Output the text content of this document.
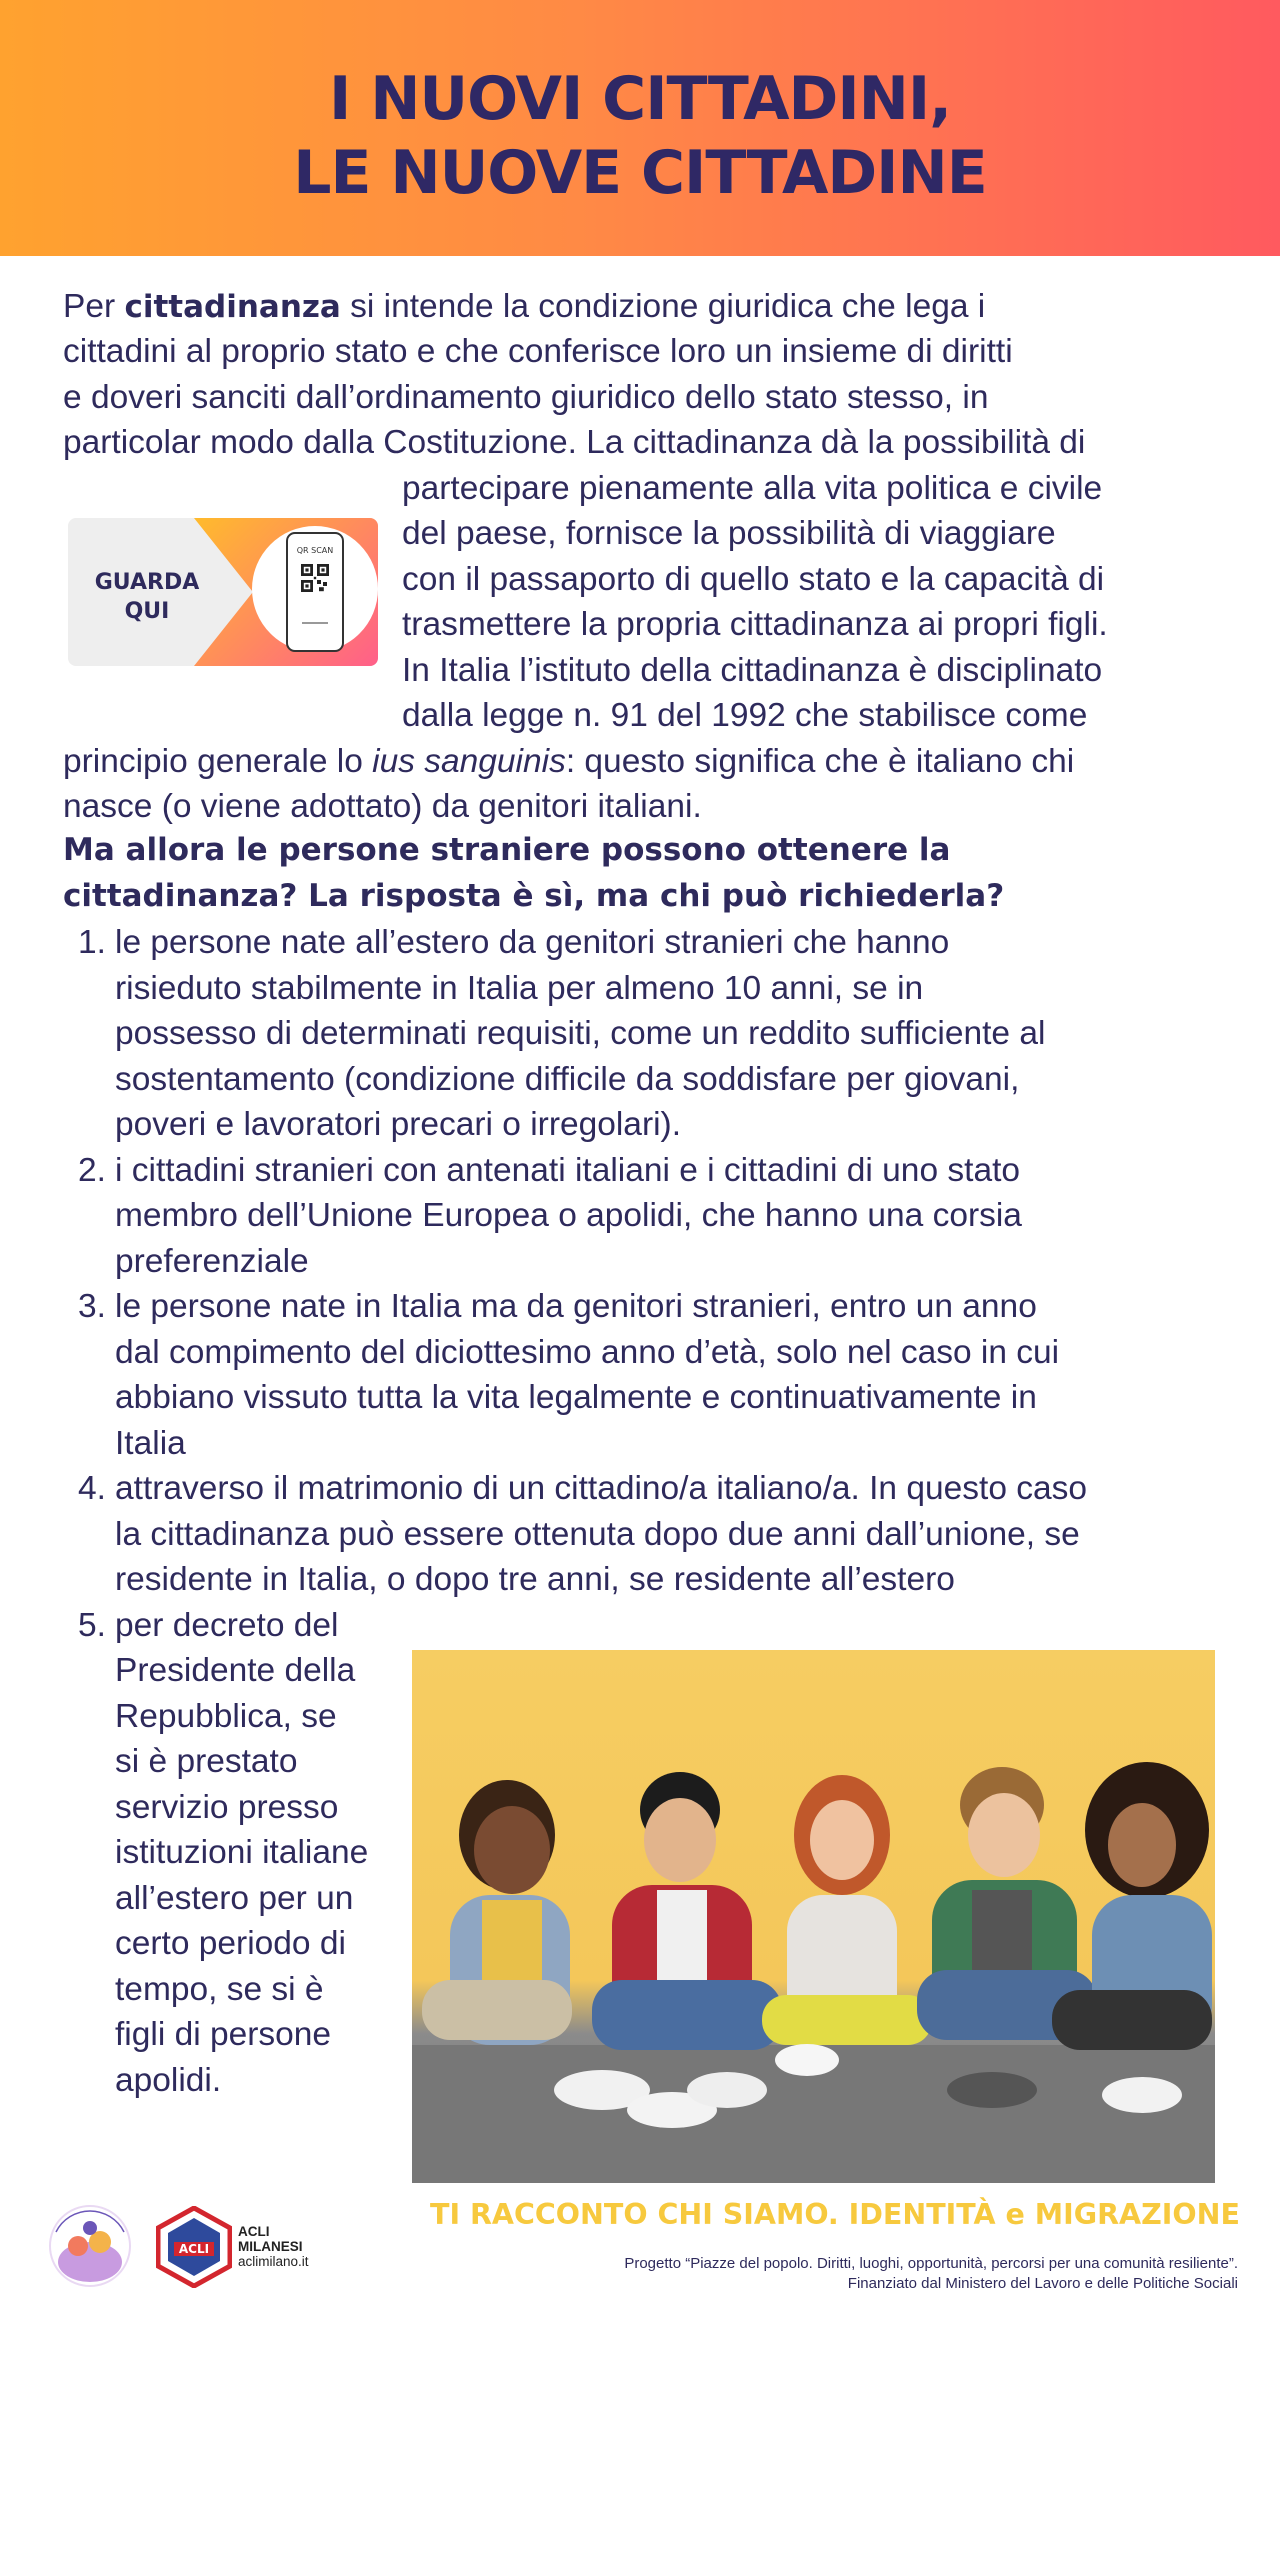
I NUOVI CITTADINI,
LE NUOVE CITTADINE
Per cittadinanza si intende la condizione giuridica che lega i
cittadini al proprio stato e che conferisce loro un insieme di diritti
e doveri sanciti dall’ordinamento giuridico dello stato stesso, in
particolar modo dalla Costituzione. La cittadinanza dà la possibilità di
partecipare pienamente alla vita politica e civile
del paese, fornisce la possibilità di viaggiare
con il passaporto di quello stato e la capacità di
trasmettere la propria cittadinanza ai propri figli.
In Italia l’istituto della cittadinanza è disciplinato
dalla legge n. 91 del 1992 che stabilisce come
principio generale lo ius sanguinis: questo significa che è italiano chi
nasce (o viene adottato) da genitori italiani.
GUARDA
QUI
QR SCAN
Ma allora le persone straniere possono ottenere la
cittadinanza? La risposta è sì, ma chi può richiederla?
1. le persone nate all’estero da genitori stranieri che hanno
risieduto stabilmente in Italia per almeno 10 anni, se in
possesso di determinati requisiti, come un reddito sufficiente al
sostentamento (condizione difficile da soddisfare per giovani,
poveri e lavoratori precari o irregolari).
2. i cittadini stranieri con antenati italiani e i cittadini di uno stato
membro dell’Unione Europea o apolidi, che hanno una corsia
preferenziale
3. le persone nate in Italia ma da genitori stranieri, entro un anno
dal compimento del diciottesimo anno d’età, solo nel caso in cui
abbiano vissuto tutta la vita legalmente e continuativamente in
Italia
4. attraverso il matrimonio di un cittadino/a italiano/a. In questo caso
la cittadinanza può essere ottenuta dopo due anni dall’unione, se
residente in Italia, o dopo tre anni, se residente all’estero
5. per decreto del
Presidente della
Repubblica, se
si è prestato
servizio presso
istituzioni italiane
all’estero per un
certo periodo di
tempo, se si è
figli di persone
apolidi.
ACLI
ACLI
MILANESI
aclimilano.it
TI RACCONTO CHI SIAMO. IDENTITÀ e MIGRAZIONE
Progetto “Piazze del popolo. Diritti, luoghi, opportunità, percorsi per una comunità resiliente”.
Finanziato dal Ministero del Lavoro e delle Politiche Sociali
